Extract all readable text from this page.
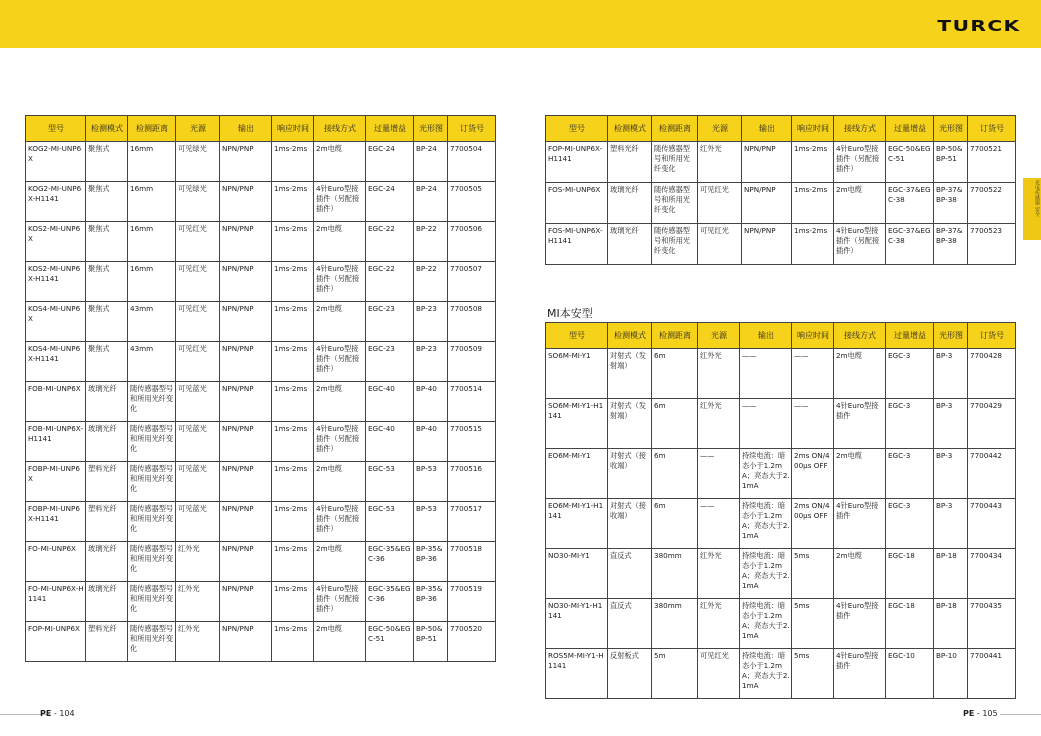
TURCK
光电传感器 安全
型号	检测模式	检测距离	光源	输出	响应时间	接线方式	过量增益	光形图	订货号
KOG2-MI-UNP6X	聚焦式	16mm	可见绿光	NPN/PNP	1ms-2ms	2m电缆	EGC-24	BP-24	7700504
KOG2-MI-UNP6X-H1141	聚焦式	16mm	可见绿光	NPN/PNP	1ms-2ms	4针Euro型接插件（另配接插件）	EGC-24	BP-24	7700505
KOS2-MI-UNP6X	聚焦式	16mm	可见红光	NPN/PNP	1ms-2ms	2m电缆	EGC-22	BP-22	7700506
KOS2-MI-UNP6X-H1141	聚焦式	16mm	可见红光	NPN/PNP	1ms-2ms	4针Euro型接插件（另配接插件）	EGC-22	BP-22	7700507
KOS4-MI-UNP6X	聚焦式	43mm	可见红光	NPN/PNP	1ms-2ms	2m电缆	EGC-23	BP-23	7700508
KOS4-MI-UNP6X-H1141	聚焦式	43mm	可见红光	NPN/PNP	1ms-2ms	4针Euro型接插件（另配接插件）	EGC-23	BP-23	7700509
FOB-MI-UNP6X	玻璃光纤	随传感器型号和所用光纤变化	可见蓝光	NPN/PNP	1ms-2ms	2m电缆	EGC-40	BP-40	7700514
FOB-MI-UNP6X-H1141	玻璃光纤	随传感器型号和所用光纤变化	可见蓝光	NPN/PNP	1ms-2ms	4针Euro型接插件（另配接插件）	EGC-40	BP-40	7700515
FOBP-MI-UNP6X	塑料光纤	随传感器型号和所用光纤变化	可见蓝光	NPN/PNP	1ms-2ms	2m电缆	EGC-53	BP-53	7700516
FOBP-MI-UNP6X-H1141	塑料光纤	随传感器型号和所用光纤变化	可见蓝光	NPN/PNP	1ms-2ms	4针Euro型接插件（另配接插件）	EGC-53	BP-53	7700517
FO-MI-UNP6X	玻璃光纤	随传感器型号和所用光纤变化	红外光	NPN/PNP	1ms-2ms	2m电缆	EGC-35&EGC-36	BP-35&BP-36	7700518
FO-MI-UNP6X-H1141	玻璃光纤	随传感器型号和所用光纤变化	红外光	NPN/PNP	1ms-2ms	4针Euro型接插件（另配接插件）	EGC-35&EGC-36	BP-35&BP-36	7700519
FOP-MI-UNP6X	塑料光纤	随传感器型号和所用光纤变化	红外光	NPN/PNP	1ms-2ms	2m电缆	EGC-50&EGC-51	BP-50&BP-51	7700520
型号	检测模式	检测距离	光源	输出	响应时间	接线方式	过量增益	光形图	订货号
FOP-MI-UNP6X-H1141	塑料光纤	随传感器型号和所用光纤变化	红外光	NPN/PNP	1ms-2ms	4针Euro型接插件（另配接插件）	EGC-50&EGC-51	BP-50&BP-51	7700521
FOS-MI-UNP6X	玻璃光纤	随传感器型号和所用光纤变化	可见红光	NPN/PNP	1ms-2ms	2m电缆	EGC-37&EGC-38	BP-37&BP-38	7700522
FOS-MI-UNP6X-H1141	玻璃光纤	随传感器型号和所用光纤变化	可见红光	NPN/PNP	1ms-2ms	4针Euro型接插件（另配接插件）	EGC-37&EGC-38	BP-37&BP-38	7700523
MI本安型
型号	检测模式	检测距离	光源	输出	响应时间	接线方式	过量增益	光形图	订货号
SO6M-MI-Y1	对射式（发射端）	6m	红外光	——	——	2m电缆	EGC-3	BP-3	7700428
SO6M-MI-Y1-H1141	对射式（发射端）	6m	红外光	——	——	4针Euro型接插件	EGC-3	BP-3	7700429
EO6M-MI-Y1	对射式（接收端）	6m	——	持续电流：暗态小于1.2mA；亮态大于2.1mA	2ms ON/400μs OFF	2m电缆	EGC-3	BP-3	7700442
EO6M-MI-Y1-H1141	对射式（接收端）	6m	——	持续电流：暗态小于1.2mA；亮态大于2.1mA	2ms ON/400μs OFF	4针Euro型接插件	EGC-3	BP-3	7700443
NO30-MI-Y1	直反式	380mm	红外光	持续电流：暗态小于1.2mA；亮态大于2.1mA	5ms	2m电缆	EGC-18	BP-18	7700434
NO30-MI-Y1-H1141	直反式	380mm	红外光	持续电流：暗态小于1.2mA；亮态大于2.1mA	5ms	4针Euro型接插件	EGC-18	BP-18	7700435
ROS5M-MI-Y1-H1141	反射板式	5m	可见红光	持续电流：暗态小于1.2mA；亮态大于2.1mA	5ms	4针Euro型接插件	EGC-10	BP-10	7700441
PE - 104	PE - 105
